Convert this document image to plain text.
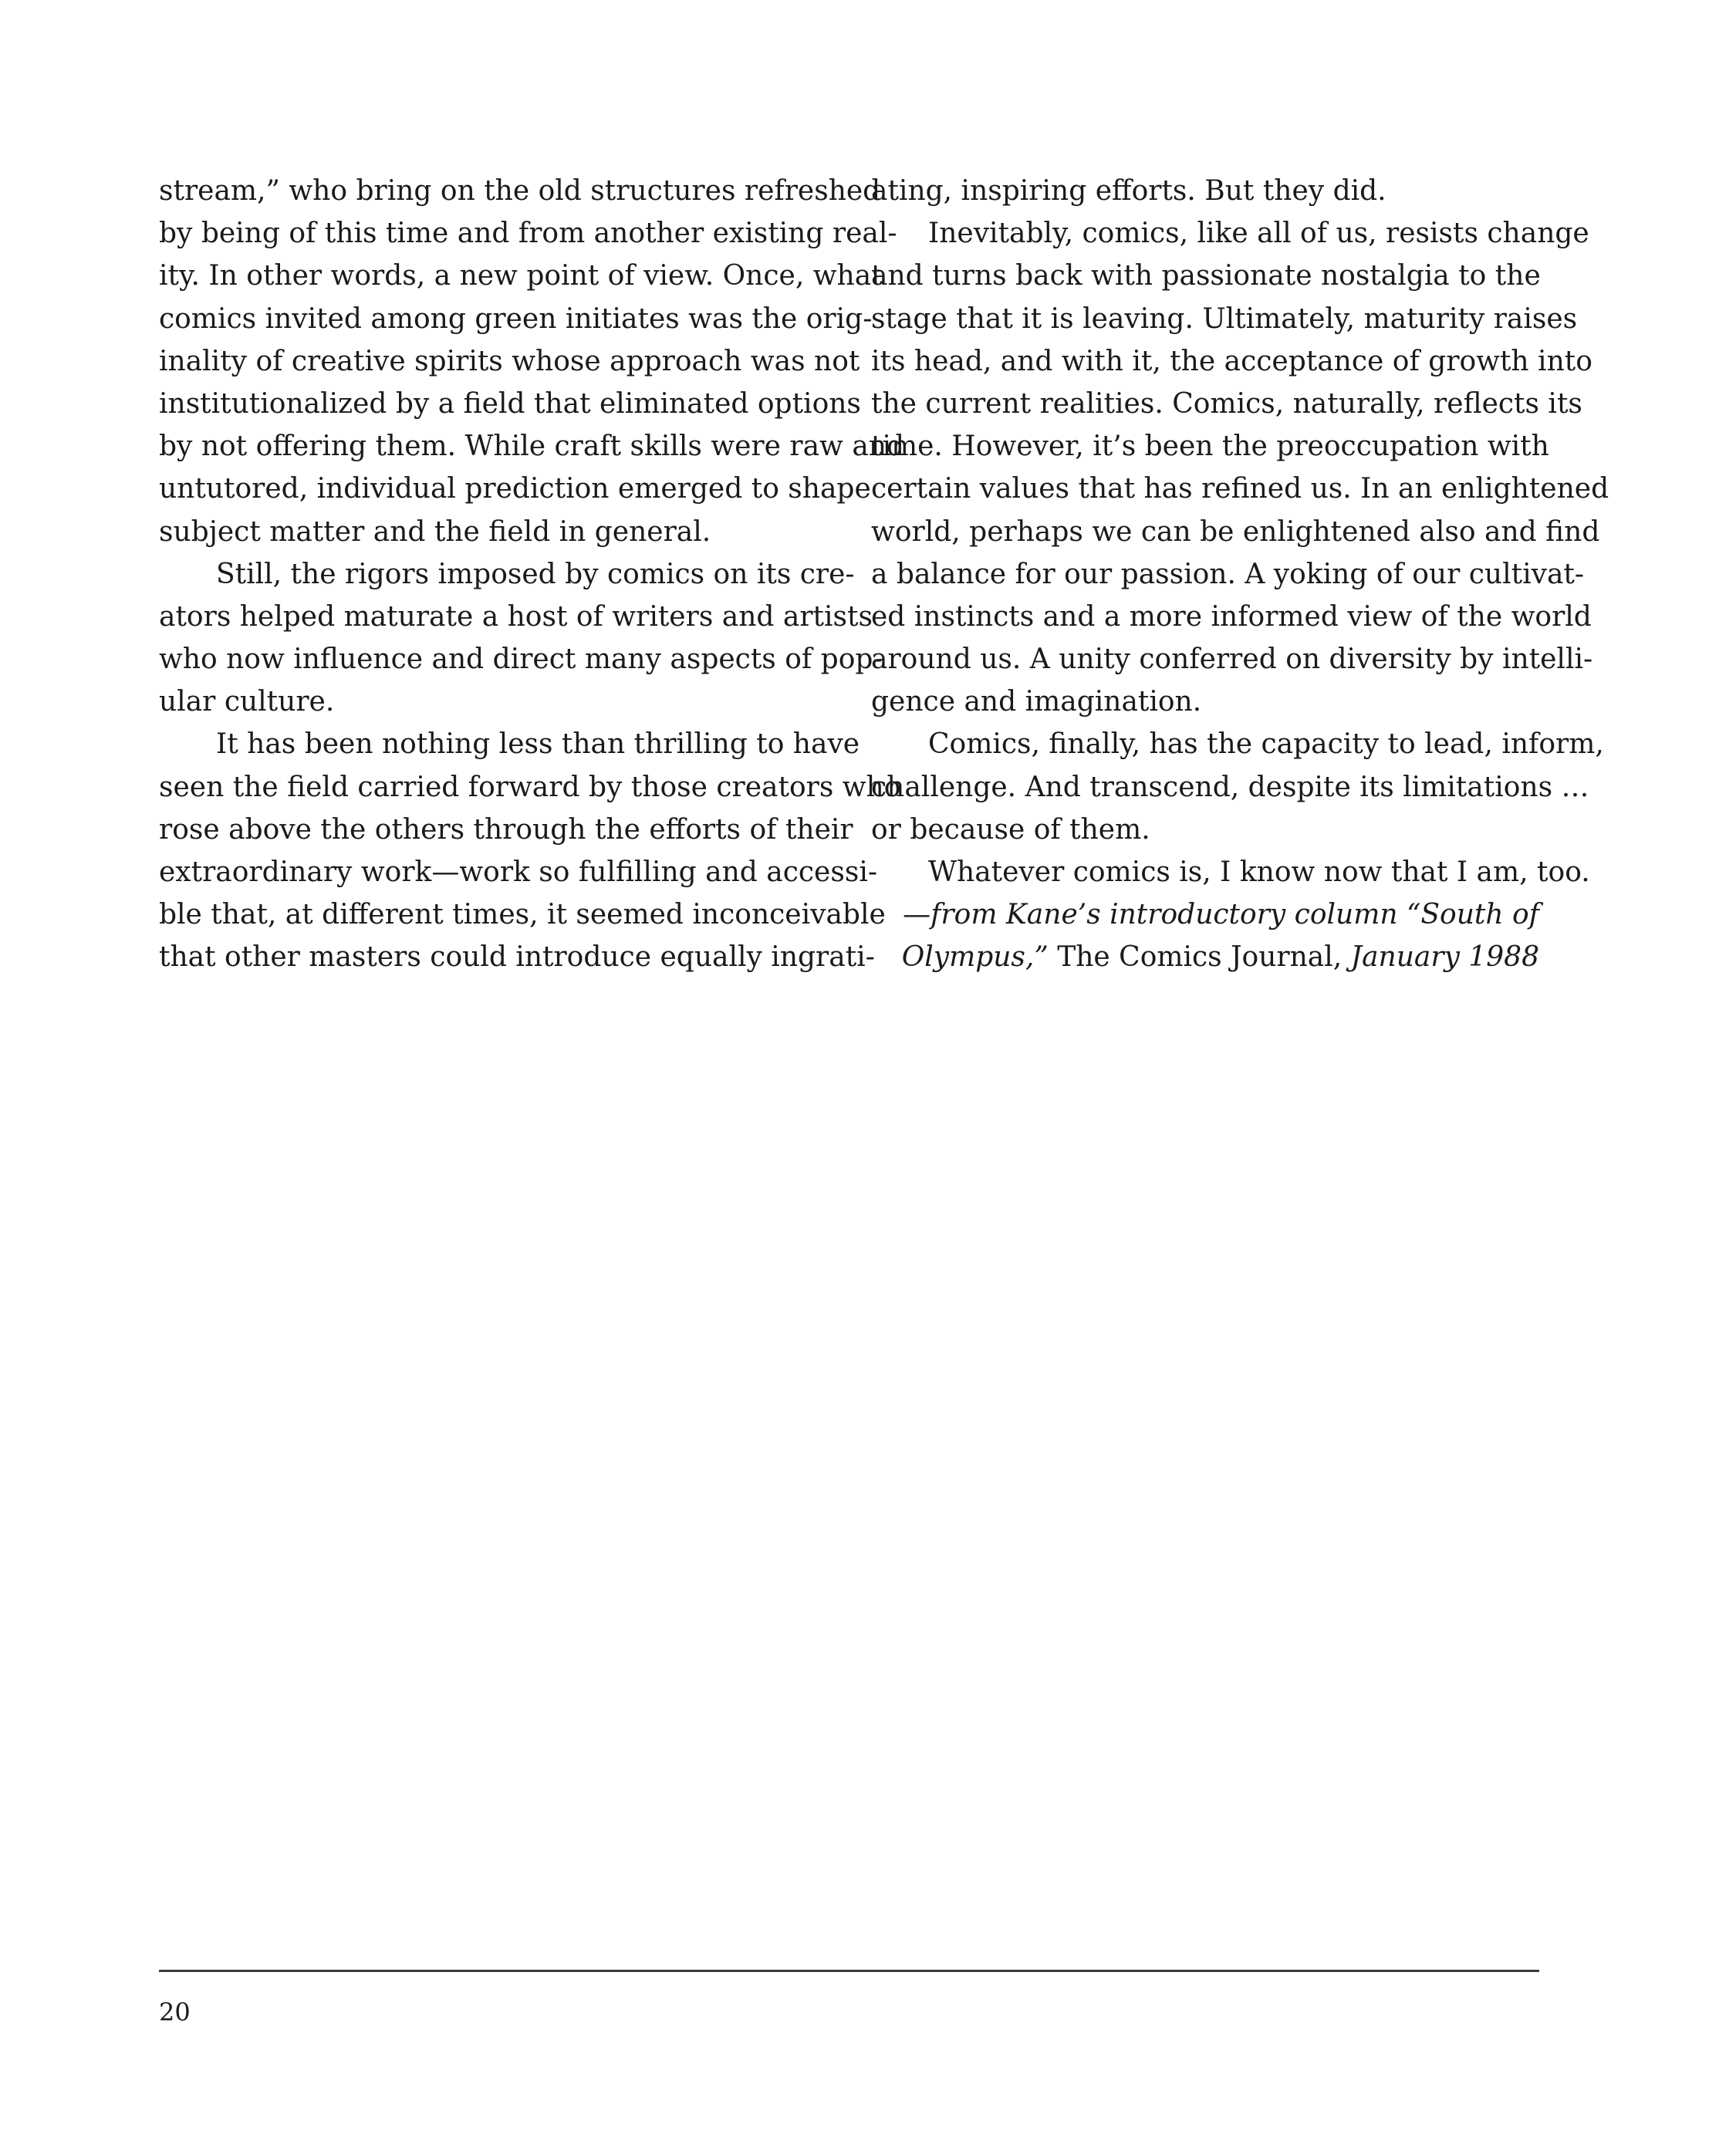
stream,” who bring on the old structures refreshed
by being of this time and from another existing real-
ity. In other words, a new point of view. Once, what
comics invited among green initiates was the orig-
inality of creative spirits whose approach was not
institutionalized by a field that eliminated options
by not offering them. While craft skills were raw and
untutored, individual prediction emerged to shape
subject matter and the field in general.
Still, the rigors imposed by comics on its cre-
ators helped maturate a host of writers and artists
who now influence and direct many aspects of pop-
ular culture.
It has been nothing less than thrilling to have
seen the field carried forward by those creators who
rose above the others through the efforts of their
extraordinary work—work so fulfilling and accessi-
ble that, at different times, it seemed inconceivable
that other masters could introduce equally ingrati-
ating, inspiring efforts. But they did.
Inevitably, comics, like all of us, resists change
and turns back with passionate nostalgia to the
stage that it is leaving. Ultimately, maturity raises
its head, and with it, the acceptance of growth into
the current realities. Comics, naturally, reflects its
time. However, it’s been the preoccupation with
certain values that has refined us. In an enlightened
world, perhaps we can be enlightened also and find
a balance for our passion. A yoking of our cultivat-
ed instincts and a more informed view of the world
around us. A unity conferred on diversity by intelli-
gence and imagination.
Comics, finally, has the capacity to lead, inform,
challenge. And transcend, despite its limitations …
or because of them.
Whatever comics is, I know now that I am, too.
—from Kane’s introductory column “South of
Olympus,” The Comics Journal, January 1988
20
